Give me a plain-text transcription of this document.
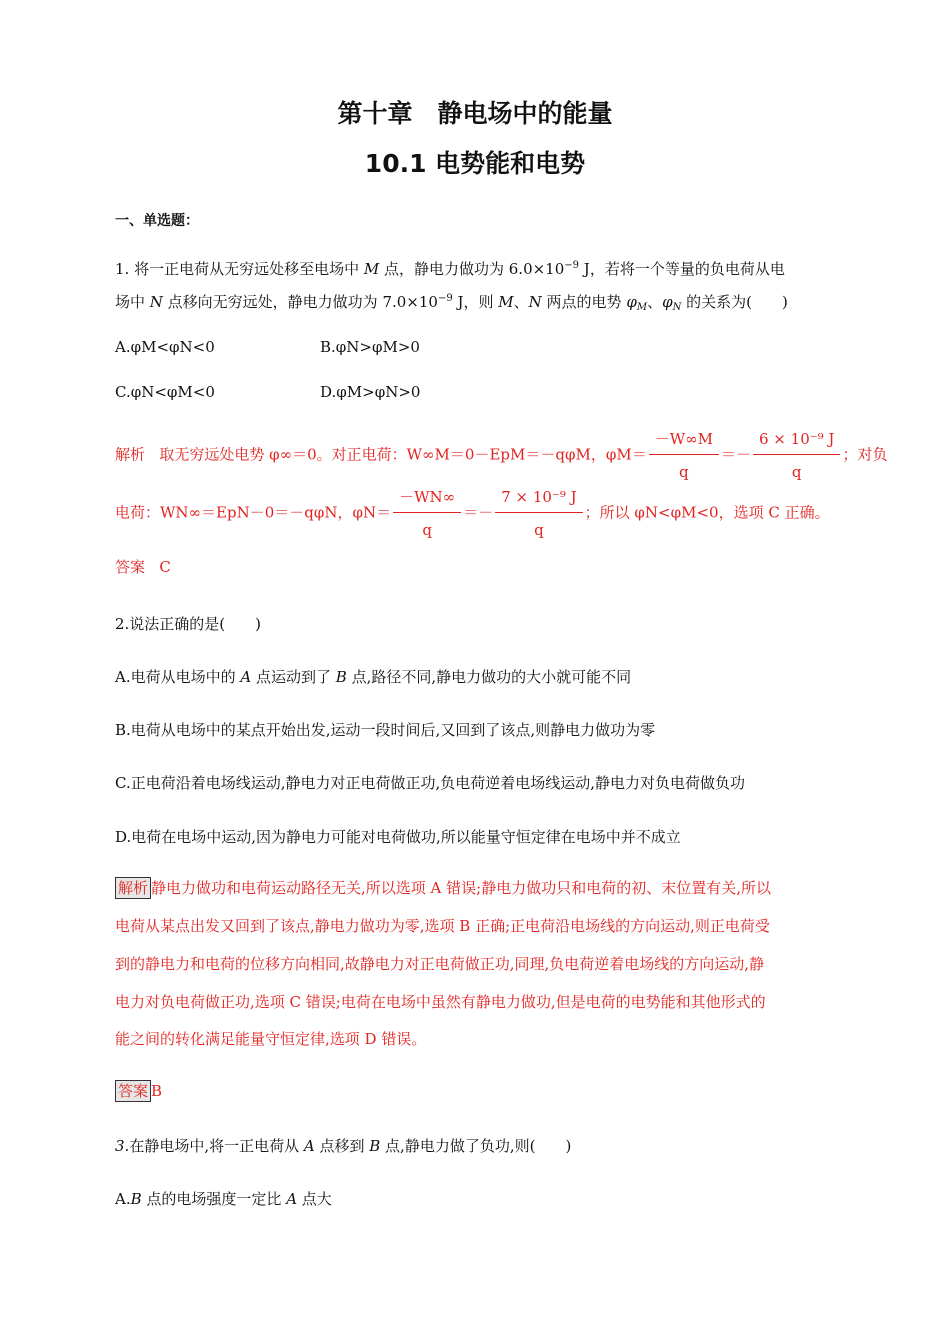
第十章　静电场中的能量
10.1 电势能和电势
一、单选题：
1. 将一正电荷从无穷远处移至电场中 M 点，静电力做功为 $6.0\times 10^{-9}$ J，若将一个等量的负电荷从电
场中 N 点移向无穷远处，静电力做功为 $7.0\times 10^{-9}$ J，则 M、N 两点的电势 $\varphi_M$、$\varphi_N$ 的关系为(　　)
A.φM<φN<0	B.φN>φM>0
C.φN<φM<0	D.φM>φN>0
解析 取无穷远处电势 φ∞＝0。对正电荷：W∞M＝0－EpM＝－qφM，$\varphi M= \frac{-W\infty M}{q} =- \frac{\text{6 × 10⁻⁹ J}}{q}$ ；对负
电荷：WN∞＝EpN－0＝－qφN，$\varphi N= \frac{-WN\infty}{q} =- \frac{\text{7 × 10⁻⁹ J}}{q}$ ；所以 φN<φM<0，选项 C 正确。
答案 C
2.说法正确的是(　　)
A.电荷从电场中的 A 点运动到了 B 点,路径不同,静电力做功的大小就可能不同
B.电荷从电场中的某点开始出发,运动一段时间后,又回到了该点,则静电力做功为零
C.正电荷沿着电场线运动,静电力对正电荷做正功,负电荷逆着电场线运动,静电力对负电荷做负功
D.电荷在电场中运动,因为静电力可能对电荷做功,所以能量守恒定律在电场中并不成立
解析 静电力做功和电荷运动路径无关,所以选项 A 错误;静电力做功只和电荷的初、末位置有关,所以
电荷从某点出发又回到了该点,静电力做功为零,选项 B 正确;正电荷沿电场线的方向运动,则正电荷受
到的静电力和电荷的位移方向相同,故静电力对正电荷做正功,同理,负电荷逆着电场线的方向运动,静
电力对负电荷做正功,选项 C 错误;电荷在电场中虽然有静电力做功,但是电荷的电势能和其他形式的
能之间的转化满足能量守恒定律,选项 D 错误。
答案 B
3.在静电场中,将一正电荷从 A 点移到 B 点,静电力做了负功,则(　　)
A.B 点的电场强度一定比 A 点大
